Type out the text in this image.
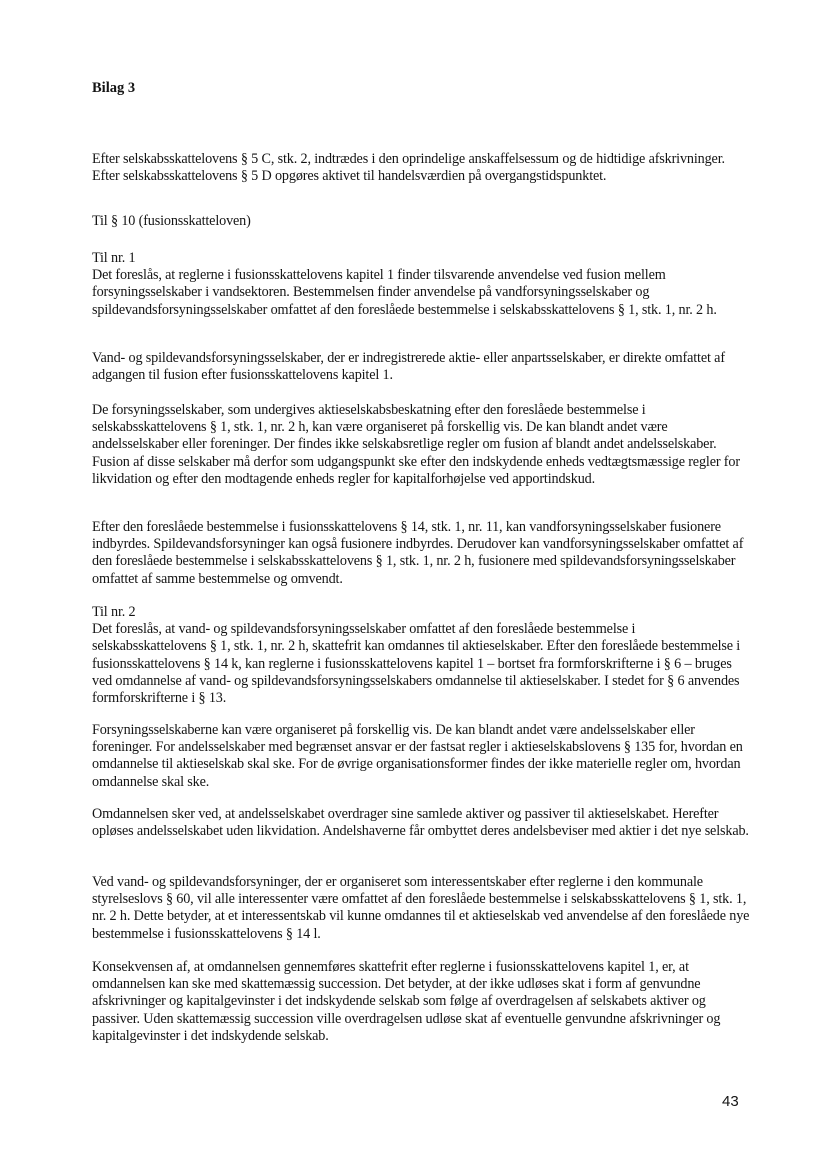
Bilag 3

Efter selskabsskattelovens § 5 C, stk. 2, indtrædes i den oprindelige anskaffelsessum og de hidtidige afskrivninger. Efter selskabsskattelovens § 5 D opgøres aktivet til handelsværdien på overgangstidspunktet.

Til § 10 (fusionsskatteloven)

Til nr. 1
Det foreslås, at reglerne i fusionsskattelovens kapitel 1 finder tilsvarende anvendelse ved fusion mellem forsyningsselskaber i vandsektoren. Bestemmelsen finder anvendelse på vandforsyningsselskaber og spildevandsforsyningsselskaber omfattet af den foreslåede bestemmelse i selskabsskattelovens § 1, stk. 1, nr. 2 h.

Vand- og spildevandsforsyningsselskaber, der er indregistrerede aktie- eller anpartsselskaber, er direkte omfattet af adgangen til fusion efter fusionsskattelovens kapitel 1.

De forsyningsselskaber, som undergives aktieselskabsbeskatning efter den foreslåede bestemmelse i selskabsskattelovens § 1, stk. 1, nr. 2 h, kan være organiseret på forskellig vis. De kan blandt andet være andelsselskaber eller foreninger. Der findes ikke selskabsretlige regler om fusion af blandt andet andelsselskaber. Fusion af disse selskaber må derfor som udgangspunkt ske efter den indskydende enheds vedtægtsmæssige regler for likvidation og efter den modtagende enheds regler for kapitalforhøjelse ved apportindskud.

Efter den foreslåede bestemmelse i fusionsskattelovens § 14, stk. 1, nr. 11, kan vandforsyningsselskaber fusionere indbyrdes. Spildevandsforsyninger kan også fusionere indbyrdes. Derudover kan vandforsyningsselskaber omfattet af den foreslåede bestemmelse i selskabsskattelovens § 1, stk. 1, nr. 2 h, fusionere med spildevandsforsyningsselskaber omfattet af samme bestemmelse og omvendt.

Til nr. 2
Det foreslås, at vand- og spildevandsforsyningsselskaber omfattet af den foreslåede bestemmelse i selskabsskattelovens § 1, stk. 1, nr. 2 h, skattefrit kan omdannes til aktieselskaber. Efter den foreslåede bestemmelse i fusionsskattelovens § 14 k, kan reglerne i fusionsskattelovens kapitel 1 – bortset fra formforskrifterne i § 6 – bruges ved omdannelse af vand- og spildevandsforsyningsselskabers omdannelse til aktieselskaber. I stedet for § 6 anvendes formforskrifterne i § 13.

Forsyningsselskaberne kan være organiseret på forskellig vis. De kan blandt andet være andelsselskaber eller foreninger. For andelsselskaber med begrænset ansvar er der fastsat regler i aktieselskabslovens § 135 for, hvordan en omdannelse til aktieselskab skal ske. For de øvrige organisationsformer findes der ikke materielle regler om, hvordan omdannelse skal ske.

Omdannelsen sker ved, at andelsselskabet overdrager sine samlede aktiver og passiver til aktieselskabet. Herefter opløses andelsselskabet uden likvidation. Andelshaverne får ombyttet deres andelsbeviser med aktier i det nye selskab.

Ved vand- og spildevandsforsyninger, der er organiseret som interessentskaber efter reglerne i den kommunale styrelseslovs § 60, vil alle interessenter være omfattet af den foreslåede bestemmelse i selskabsskattelovens § 1, stk. 1, nr. 2 h. Dette betyder, at et interessentskab vil kunne omdannes til et aktieselskab ved anvendelse af den foreslåede nye bestemmelse i fusionsskattelovens § 14 l.

Konsekvensen af, at omdannelsen gennemføres skattefrit efter reglerne i fusionsskattelovens kapitel 1, er, at omdannelsen kan ske med skattemæssig succession. Det betyder, at der ikke udløses skat i form af genvundne afskrivninger og kapitalgevinster i det indskydende selskab som følge af overdragelsen af selskabets aktiver og passiver. Uden skattemæssig succession ville overdragelsen udløse skat af eventuelle genvundne afskrivninger og kapitalgevinster i det indskydende selskab.

43
